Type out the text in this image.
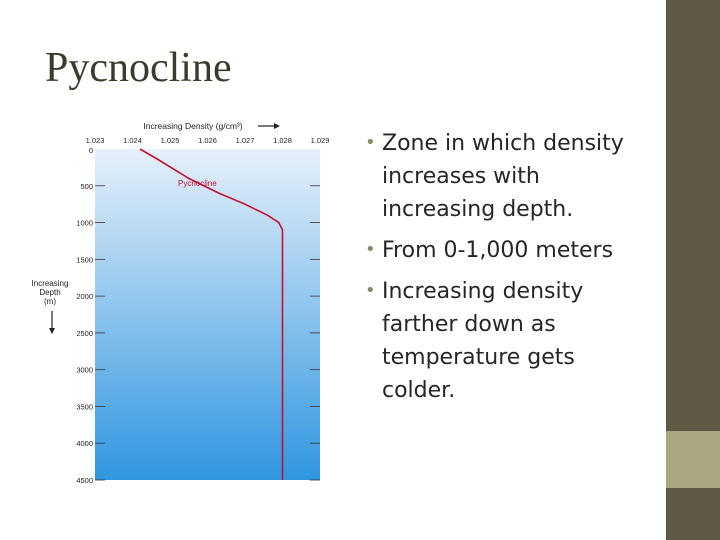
Pycnocline
1.023 1.024 1.025 1.026 1.027 1.028 1.029
0
500
1000
1500
2000
2500
3000
3500
4000
4500
Increasing Density (g/cm³)
Increasing
Depth
(m)
Pycnocline
• Zone in which density increases with increasing depth.
• From 0-1,000 meters
• Increasing density farther down as temperature gets colder.
